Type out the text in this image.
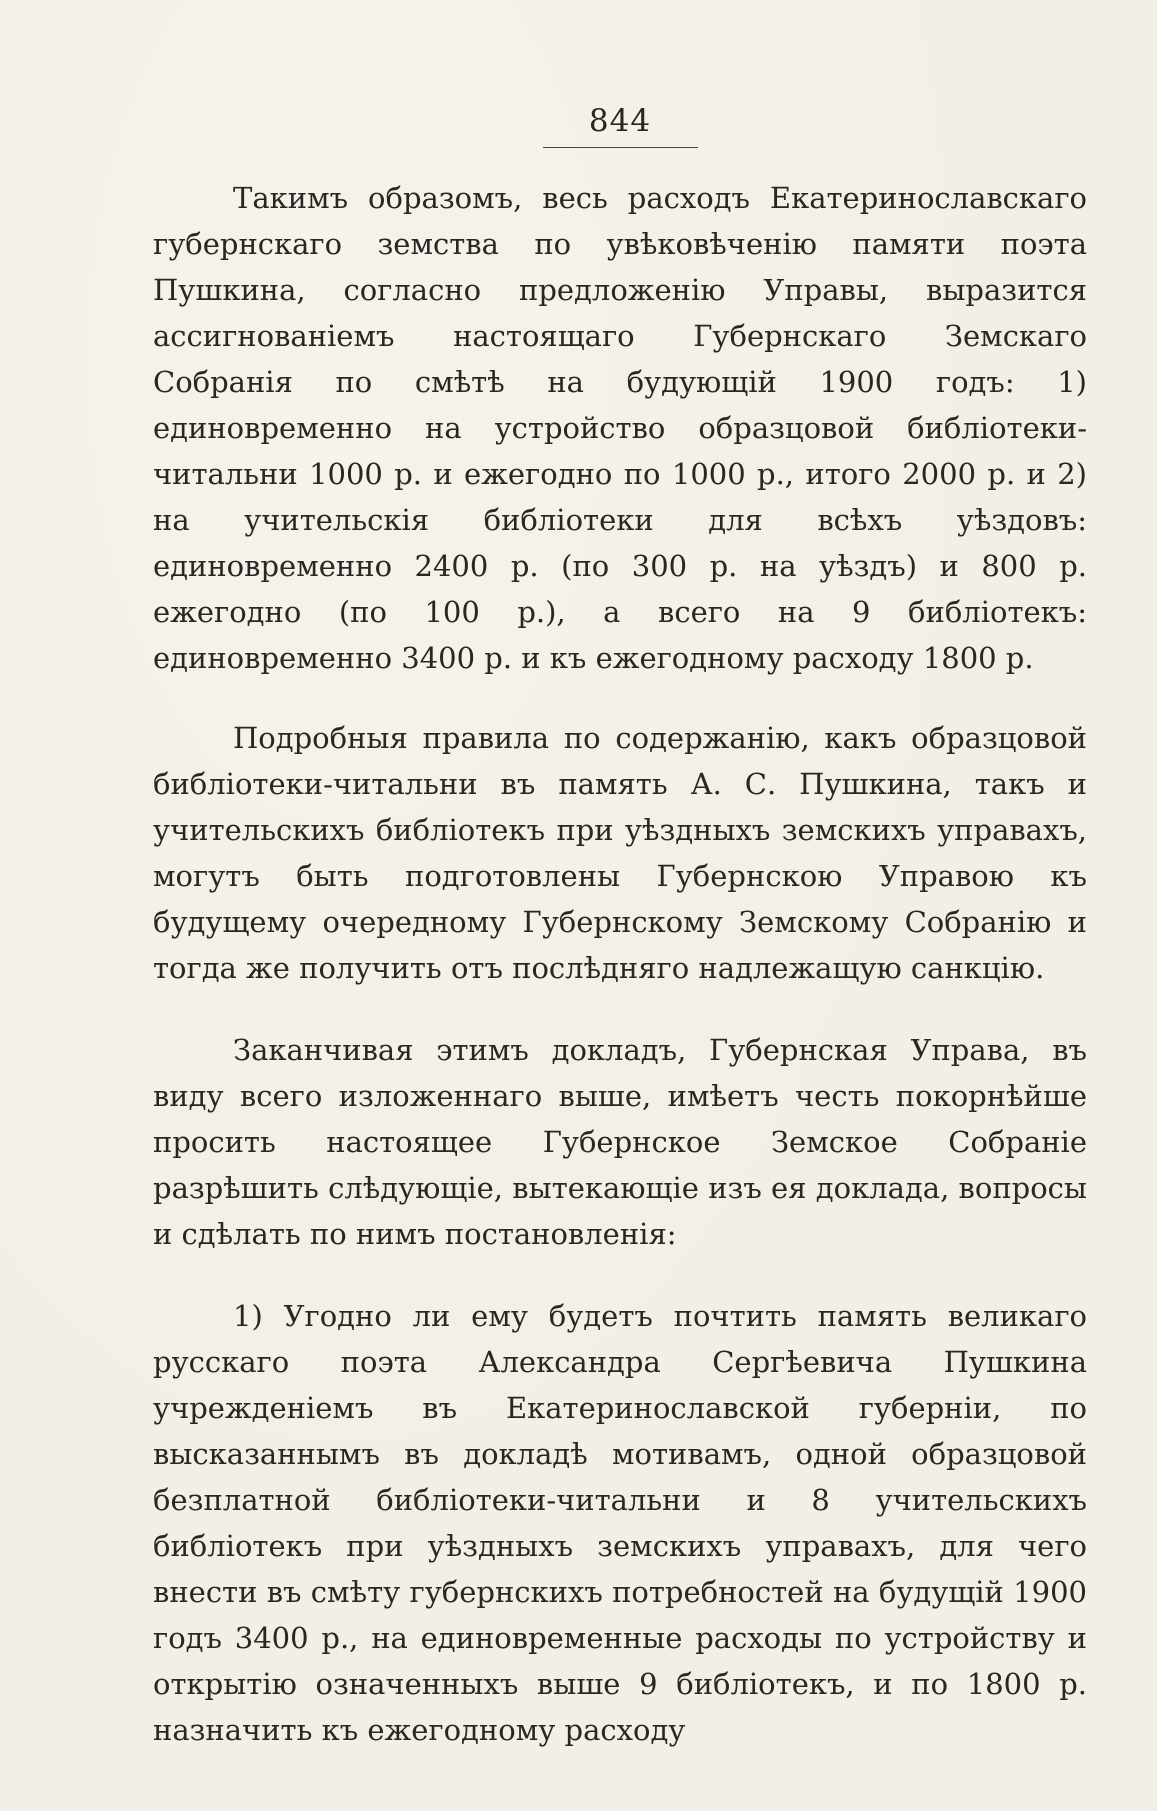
844

Такимъ образомъ, весь расходъ Екатеринославскаго губернскаго земства по увѣковѣченію памяти поэта Пушкина, согласно предложенію Управы, выразится ассигнованіемъ настоящаго Губернскаго Земскаго Собранія по смѣтѣ на будующій 1900 годъ: 1) единовременно на устройство образцовой библіотеки-читальни 1000 р. и ежегодно по 1000 р., итого 2000 р. и 2) на учительскія библіотеки для всѣхъ уѣздовъ: единовременно 2400 р. (по 300 р. на уѣздъ) и 800 р. ежегодно (по 100 р.), а всего на 9 библіотекъ: единовременно 3400 р. и къ ежегодному расходу 1800 р.

Подробныя правила по содержанію, какъ образцовой библіотеки-читальни въ память А. С. Пушкина, такъ и учительскихъ библіотекъ при уѣздныхъ земскихъ управахъ, могутъ быть подготовлены Губернскою Управою къ будущему очередному Губернскому Земскому Собранію и тогда же получить отъ послѣдняго надлежащую санкцію.

Заканчивая этимъ докладъ, Губернская Управа, въ виду всего изложеннаго выше, имѣетъ честь покорнѣйше просить настоящее Губернское Земское Собраніе разрѣшить слѣдующіе, вытекающіе изъ ея доклада, вопросы и сдѣлать по нимъ постановленія:

1) Угодно ли ему будетъ почтить память великаго русскаго поэта Александра Сергѣевича Пушкина учрежденіемъ въ Екатеринославской губерніи, по высказаннымъ въ докладѣ мотивамъ, одной образцовой безплатной библіотеки-читальни и 8 учительскихъ библіотекъ при уѣздныхъ земскихъ управахъ, для чего внести въ смѣту губернскихъ потребностей на будущій 1900 годъ 3400 р., на единовременные расходы по устройству и открытію означенныхъ выше 9 библіотекъ, и по 1800 р. назначить къ ежегодному расходу
